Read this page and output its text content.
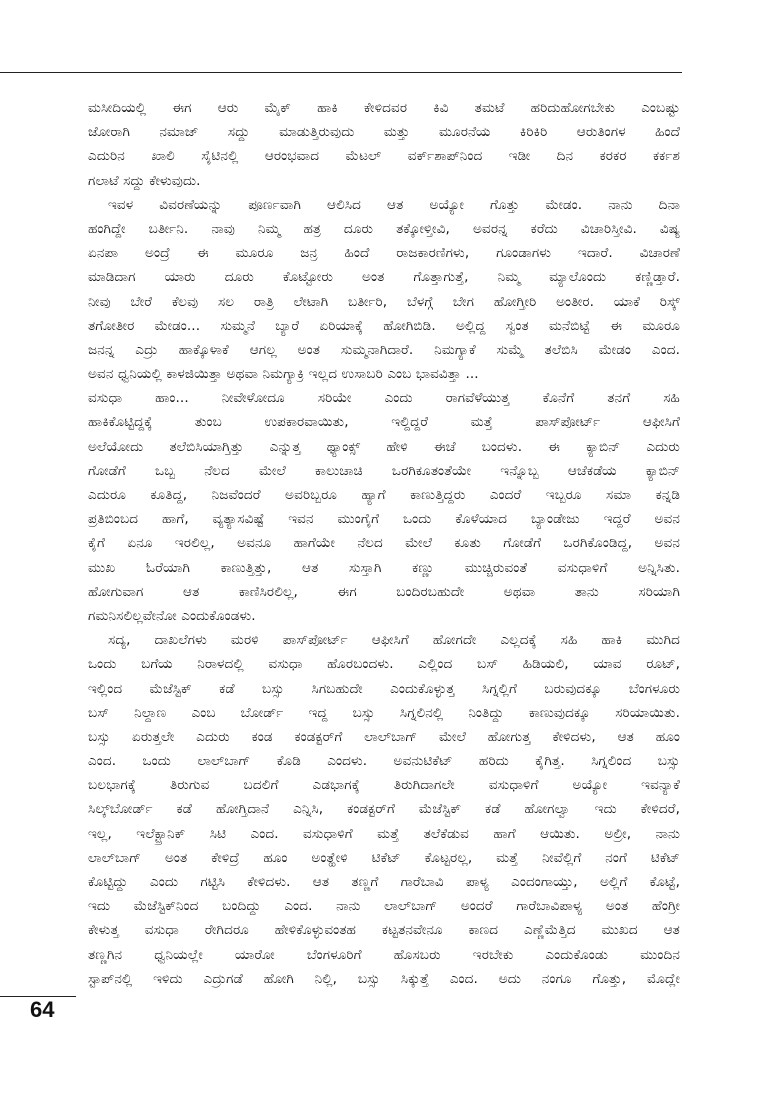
ಮಸೀದಿಯಲ್ಲಿ ಈಗ ಆರು ಮೈಕ್ ಹಾಕಿ ಕೇಳಿದವರ ಕಿವಿ ತಮಟೆ ಹರಿದುಹೋಗಬೇಕು ಎಂಬಷ್ಟು
ಜೋರಾಗಿ ನಮಾಜ್ ಸದ್ದು ಮಾಡುತ್ತಿರುವುದು ಮತ್ತು ಮೂರನೆಯ ಕಿರಿಕಿರಿ ಆರುತಿಂಗಳ ಹಿಂದೆ
ಎದುರಿನ ಖಾಲಿ ಸೈಟಿನಲ್ಲಿ ಆರಂಭವಾದ ಮೆಟಲ್ ವರ್ಕ್‌ಶಾಪ್‌ನಿಂದ ಇಡೀ ದಿನ ಕರಕರ ಕರ್ಕಶ
ಗಲಾಟೆ ಸದ್ದು ಕೇಳುವುದು.
ಇವಳ ವಿವರಣೆಯನ್ನು ಪೂರ್ಣವಾಗಿ ಆಲಿಸಿದ ಆತ ಅಯ್ಯೋ ಗೊತ್ತು ಮೇಡಂ. ನಾನು ದಿನಾ
ಹಂಗಿದ್ದೇ ಬರ್ತೀನಿ. ನಾವು ನಿಮ್ಮ ಹತ್ರ ದೂರು ತಕ್ಕೋಳ್ತೀವಿ, ಅವರನ್ನ ಕರೆದು ವಿಚಾರಿಸ್ತೀವಿ. ವಿಷ್ಯ
ಏನಪಾ ಅಂದ್ರೆ ಈ ಮೂರೂ ಜನ್ರ ಹಿಂದೆ ರಾಜಕಾರಣಿಗಳು, ಗೂಂಡಾಗಳು ಇದಾರೆ. ವಿಚಾರಣೆ
ಮಾಡಿದಾಗ ಯಾರು ದೂರು ಕೊಟ್ಟೋರು ಅಂತ ಗೊತ್ತಾಗುತ್ತೆ, ನಿಮ್ಮ ಮ್ಯಾಲೊಂದು ಕಣ್ಣಿಡ್ತಾರೆ.
ನೀವು ಬೇರೆ ಕೆಲವು ಸಲ ರಾತ್ರಿ ಲೇಟಾಗಿ ಬರ್ತೀರಿ, ಬೆಳಗ್ಗೆ ಬೇಗ ಹೋಗ್ತೀರಿ ಅಂತೀರ. ಯಾಕೆ ರಿಸ್ಕ್
ತಗೋತೀರ ಮೇಡಂ... ಸುಮ್ಮನೆ ಬ್ಯಾರೆ ಏರಿಯಾಕ್ಕೆ ಹೋಗಿಬಿಡಿ. ಅಲ್ಲಿದ್ದ ಸ್ವಂತ ಮನೆಬಿಟ್ಟೆ ಈ ಮೂರೂ
ಜನನ್ನ ಎದ್ರು ಹಾಕ್ಕೊಳಾಕೆ ಆಗಲ್ಲ ಅಂತ ಸುಮ್ಮನಾಗಿದಾರೆ. ನಿಮಗ್ಯಾಕೆ ಸುಮ್ಮೆ ತಲೆಬಿಸಿ ಮೇಡಂ ಎಂದ.
ಅವನ ಧ್ವನಿಯಲ್ಲಿ ಕಾಳಜಿಯಿತ್ತಾ ಅಥವಾ ನಿಮಗ್ಯಾಕ್ರಿ ಇಲ್ಲದ ಉಸಾಬರಿ ಎಂಬ ಭಾವವಿತ್ತಾ ...
ವಸುಧಾ ಹಾಂ... ನೀವೇಳೋದೂ ಸರಿಯೇ ಎಂದು ರಾಗವೆಳೆಯುತ್ತ ಕೊನೆಗೆ ತನಗೆ ಸಹಿ
ಹಾಕಿಕೊಟ್ಟಿದ್ದಕ್ಕೆ ತುಂಬ ಉಪಕಾರವಾಯಿತು, ಇಲ್ದಿದ್ದರೆ ಮತ್ತೆ ಪಾಸ್‌ಪೋರ್ಟ್ ಆಫೀಸಿಗೆ
ಅಲೆಯೋದು ತಲೆಬಿಸಿಯಾಗ್ತಿತ್ತು ಎನ್ನುತ್ತ ಥ್ಯಾಂಕ್ಸ್ ಹೇಳಿ ಈಚೆ ಬಂದಳು. ಈ ಕ್ಯಾಬಿನ್ ಎದುರು
ಗೋಡೆಗೆ ಒಬ್ಬ ನೆಲದ ಮೇಲೆ ಕಾಲುಚಾಚಿ ಒರಗಿಕೂತಂತೆಯೇ ಇನ್ನೊಬ್ಬ ಆಚೆಕಡೆಯ ಕ್ಯಾಬಿನ್
ಎದುರೂ ಕೂತಿದ್ದ, ನಿಜವೆಂದರೆ ಅವರಿಬ್ಬರೂ ಹ್ಯಾಗೆ ಕಾಣುತ್ತಿದ್ದರು ಎಂದರೆ ಇಬ್ಬರೂ ಸಮಾ ಕನ್ನಡಿ
ಪ್ರತಿಬಿಂಬದ ಹಾಗೆ, ವ್ಯತ್ಯಾಸವಿಷ್ಟೆ ಇವನ ಮುಂಗೈಗೆ ಒಂದು ಕೊಳೆಯಾದ ಬ್ಯಾಂಡೇಜು ಇದ್ದರೆ ಅವನ
ಕೈಗೆ ಏನೂ ಇರಲಿಲ್ಲ, ಅವನೂ ಹಾಗೆಯೇ ನೆಲದ ಮೇಲೆ ಕೂತು ಗೋಡೆಗೆ ಒರಗಿಕೊಂಡಿದ್ದ, ಅವನ
ಮುಖ ಓರೆಯಾಗಿ ಕಾಣುತ್ತಿತ್ತು, ಆತ ಸುಸ್ತಾಗಿ ಕಣ್ಣು ಮುಚ್ಚಿರುವಂತೆ ವಸುಧಾಳಿಗೆ ಅನ್ನಿಸಿತು.
ಹೋಗುವಾಗ ಆತ ಕಾಣಿಸಿರಲಿಲ್ಲ, ಈಗ ಬಂದಿರಬಹುದೇ ಅಥವಾ ತಾನು ಸರಿಯಾಗಿ
ಗಮನಿಸಲಿಲ್ಲವೇನೋ ಎಂದುಕೊಂಡಳು.
ಸದ್ಯ, ದಾಖಲೆಗಳು ಮರಳಿ ಪಾಸ್‌ಪೋರ್ಟ್ ಆಫೀಸಿಗೆ ಹೋಗದೇ ಎಲ್ಲದಕ್ಕೆ ಸಹಿ ಹಾಕಿ ಮುಗಿದ
ಒಂದು ಬಗೆಯ ನಿರಾಳದಲ್ಲಿ ವಸುಧಾ ಹೊರಬಂದಳು. ಎಲ್ಲಿಂದ ಬಸ್ ಹಿಡಿಯಲಿ, ಯಾವ ರೂಟ್,
ಇಲ್ಲಿಂದ ಮೆಜೆಸ್ಟಿಕ್ ಕಡೆ ಬಸ್ಸು ಸಿಗಬಹುದೇ ಎಂದುಕೊಳ್ಳುತ್ತ ಸಿಗ್ನಲ್ಲಿಗೆ ಬರುವುದಕ್ಕೂ ಬೆಂಗಳೂರು
ಬಸ್ ನಿಲ್ದಾಣ ಎಂಬ ಬೋರ್ಡ್ ಇದ್ದ ಬಸ್ಸು ಸಿಗ್ನಲಿನಲ್ಲಿ ನಿಂತಿದ್ದು ಕಾಣುವುದಕ್ಕೂ ಸರಿಯಾಯಿತು.
ಬಸ್ಸು ಏರುತ್ತಲೇ ಎದುರು ಕಂಡ ಕಂಡಕ್ಟರ್‌ಗೆ ಲಾಲ್‌ಬಾಗ್ ಮೇಲೆ ಹೋಗುತ್ತ ಕೇಳಿದಳು, ಆತ ಹೂಂ
ಎಂದ. ಒಂದು ಲಾಲ್‌ಬಾಗ್ ಕೊಡಿ ಎಂದಳು. ಅವನುಟಿಕೆಟ್ ಹರಿದು ಕೈಗಿತ್ತ. ಸಿಗ್ನಲಿಂದ ಬಸ್ಸು
ಬಲಭಾಗಕ್ಕೆ ತಿರುಗುವ ಬದಲಿಗೆ ಎಡಭಾಗಕ್ಕೆ ತಿರುಗಿದಾಗಲೇ ವಸುಧಾಳಿಗೆ ಅಯ್ಯೋ ಇವನ್ಯಾಕೆ
ಸಿಲ್ಕ್‌ಬೋರ್ಡ್ ಕಡೆ ಹೋಗ್ತಿದಾನೆ ಎನ್ನಿಸಿ, ಕಂಡಕ್ಟರ್‌ಗೆ ಮೆಜೆಸ್ಟಿಕ್ ಕಡೆ ಹೋಗಲ್ವಾ ಇದು ಕೇಳಿದರೆ,
ಇಲ್ಲ, ಇಲೆಕ್ಟ್ರಾನಿಕ್ ಸಿಟಿ ಎಂದ. ವಸುಧಾಳಿಗೆ ಮತ್ತೆ ತಲೆಕೆಡುವ ಹಾಗೆ ಆಯಿತು. ಅಲ್ರೀ, ನಾನು
ಲಾಲ್‌ಬಾಗ್ ಅಂತ ಕೇಳಿದ್ರೆ ಹೂಂ ಅಂತ್ಹೇಳಿ ಟಿಕೆಟ್ ಕೊಟ್ಟರಲ್ಲ, ಮತ್ತೆ ನೀವೆಲ್ಲಿಗೆ ನಂಗೆ ಟಿಕೆಟ್
ಕೊಟ್ಟಿದ್ದು ಎಂದು ಗಟ್ಟಿಸಿ ಕೇಳಿದಳು. ಆತ ತಣ್ಣಗೆ ಗಾರೆಬಾವಿ ಪಾಳ್ಯ ಎಂದಂಗಾಯ್ತು, ಅಲ್ಲಿಗೆ ಕೊಟ್ಟೆ,
ಇದು ಮೆಜೆಸ್ಟಿಕ್‌ನಿಂದ ಬಂದಿದ್ದು ಎಂದ. ನಾನು ಲಾಲ್‌ಬಾಗ್ ಅಂದರೆ ಗಾರೆಬಾವಿಪಾಳ್ಯ ಅಂತ ಹೆಂಗ್ರೀ
ಕೇಳುತ್ತ ವಸುಧಾ ರೇಗಿದರೂ ಹೇಳಿಕೊಳ್ಳುವಂತಹ ಕಟ್ಟತನವೇನೂ ಕಾಣದ ಎಣ್ಣೆಮೆತ್ತಿದ ಮುಖದ ಆತ
ತಣ್ಣಗಿನ ಧ್ವನಿಯಲ್ಲೇ ಯಾರೋ ಬೆಂಗಳೂರಿಗೆ ಹೊಸಬರು ಇರಬೇಕು ಎಂದುಕೊಂಡು ಮುಂದಿನ
ಸ್ಟಾಪ್‌ನಲ್ಲಿ ಇಳಿದು ಎದ್ರುಗಡೆ ಹೋಗಿ ನಿಲ್ಲಿ, ಬಸ್ಸು ಸಿಕ್ಕುತ್ತೆ ಎಂದ. ಅದು ನಂಗೂ ಗೊತ್ತು, ಮೊದ್ಲೇ
64
